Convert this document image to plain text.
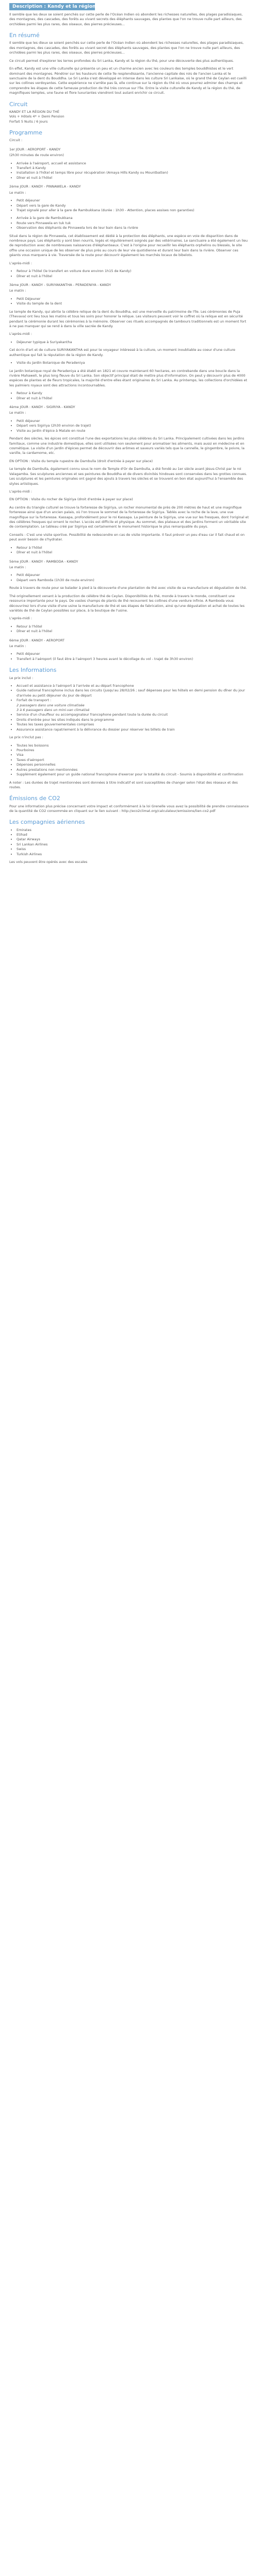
Description : Kandy et la région du thé

Il semble que les deux se soient penchés sur cette perle de l'Océan Indien où abondent les richesses naturelles, des plages paradisiaques, des montagnes, des cascades, des forêts au vivant secrets des éléphants sauvages, des plantes que l'on ne trouve nulle part ailleurs, des orchidées parmi les plus rares, des oiseaux, des pierres précieuses...

En résumé

Il semble que les dieux se soient penchés sur cette perle de l'Océan Indien où abondent les richesses naturelles, des plages paradisiaques, des montagnes, des cascades, des forêts au vivant secret des éléphants sauvages, des plantes que l'on ne trouve nulle part ailleurs, des orchidées parmi les plus rares, des oiseaux, des pierres précieuses...

Ce circuit permet d'explorer les terres profondes du Sri Lanka, Kandy et la région du thé, pour une découverte des plus authentiques.

En effet, Kandy est une ville culturelle qui présente un peu et un charme ancien avec les couleurs des temples bouddhistes et le vert dominant des montagnes. Pénétrer sur les hauteurs de cette île resplendissante, l'ancienne capitale des rois de l'ancien Lanka et le sanctuaire de la dent du Bouddha. Le Sri Lanka s'est développé en intense dans les culture Sri Lankaise, où le grand thé de Ceylan est cueilli sur les collines verdoyantes. Cette expérience ne s'arrête pas là, elle continue sur la région du thé où vous pourrez admirer des champs et comprendre les étapes de cette fameuse production de thé très connue sur l'île. Entre la visite culturelle de Kandy et la région du thé, de magnifiques temples, une faune et flore luxuriantes viendront tout autant enrichir ce circuit.

Circuit

KANDY ET LA RÉGION DU THÉ

Vols + Hôtels 4* + Demi Pension

Forfait 5 Nuits / 6 Jours

Programme

Circuit :

1er JOUR : AEROPORT - KANDY

(2h30 minutes de route environ)

• Arrivée à l'aéroport, accueil et assistance
• Transfert à Kandy
• Installation à l'hôtel et temps libre pour récupération (Amaya Hills Kandy ou Mountbatten)
• Dîner et nuit à l'hôtel

2ème JOUR : KANDY - PINNAWELA - KANDY

Le matin :

• Petit déjeuner
• Départ vers la gare de Kandy
• Trajet signalé pour aller à la gare de Rambukkana (durée : 1h30 - Attention, places assises non garanties)
• Arrivée à la gare de Rambukkana
• Route vers Pinnawela en tuk tuk
• Observation des éléphants de Pinnawela lors de leur bain dans la rivière

Situé dans la région de Pinnawela, cet établissement est dédié à la protection des éléphants, une espèce en voie de disparition dans de nombreux pays. Les éléphants y sont bien nourris, logés et régulièrement soignés par des vétérinaires. Le sanctuaire a été également un lieu de reproduction avec de nombreuses naissances d'éléphanteaux. C'est à l'origine pour recueillir les éléphants orphelins ou blessés, le site offre une occasion unique de les observer de plus près au cours de leur vie quotidienne et durant leur bain dans la rivière. Observer ces géants vous marquera à vie. Traversée de la route pour découvrir également les marchés locaux de bibelots.

L'après-midi :

• Retour à l'hôtel (le transfert en voiture dure environ 1h15 de Kandy)
• Dîner et nuit à l'hôtel

3ème JOUR : KANDY - SURIYAKANTHA - PERADENIYA - KANDY

Le matin :

• Petit Déjeuner
• Visite du temple de la dent

Le temple de Kandy, qui abrite la célèbre relique de la dent du Bouddha, est une merveille du patrimoine de l'île. Les cérémonies de Puja (Thevava) ont lieu tous les matins et tous les soirs pour honorer la relique. Les visiteurs peuvent voir le coffret où la relique est en sécurité pendant la cérémonie durant les cérémonies à la mémoire. Observer ces rituels accompagnés de tambours traditionnels est un moment fort à ne pas manquer qui se rend à dans la ville sacrée de Kandy.

L'après-midi :

• Déjeuner typique à Suriyakantha

Cet écrin d'art et de culture SURIYAKANTHA est pour te voyageur intéressé à la culture, un moment inoubliable au coeur d'une culture authentique qui fait la réputation de la région de Kandy.

• Visite du Jardin Botanique de Peradeniya

Le jardin botanique royal de Peradeniya a été établi en 1821 et couvre maintenant 60 hectares, en contrebande dans une boucle dans la rivière Mahaweli, le plus long fleuve du Sri Lanka. Son objectif principal était de mettre plus d'information. On peut y découvrir plus de 4000 espèces de plantes et de fleurs tropicales, la majorité d'entre elles étant originaires du Sri Lanka. Au printemps, les collections d'orchidées et les palmiers royaux sont des attractions incontournables.

• Retour à Kandy
• Dîner et nuit à l'hôtel

4ème JOUR : KANDY - SIGIRIYA - KANDY

Le matin :

• Petit déjeuner
• Départ vers Sigiriya (2h30 environ de trajet)
• Visite au jardin d'épice à Matale en route

Pendant des siècles, les épices ont constitué l'une des exportations les plus célèbres du Sri Lanka. Principalement cultivées dans les jardins familiaux, comme une industrie domestique, elles sont utilisées non seulement pour aromatiser les aliments, mais aussi en médecine et en cosmétique. La visite d'un jardin d'épices permet de découvrir des arômes et saveurs variés tels que la cannelle, le gingembre, le poivre, la vanille, la cardamome, etc.

EN OPTION : Visite du temple rupestre de Dambulla (droit d'entrée à payer sur place)

Le temple de Dambulla, également connu sous le nom de Temple d'Or de Dambulla, a été fondé au 1er siècle avant Jésus-Christ par le roi Valagamba. Ses sculptures anciennes et ses peintures de Bouddha et de divers divinités hindoues sont conservées dans les grottes connues. Les sculptures et les peintures originales ont gagné des ajouts à travers les siècles et se trouvent en bon état aujourd'hui à l'ensemble des styles artistiques.

L'après-midi :

EN OPTION : Visite du rocher de Sigiriya (droit d'entrée à payer sur place)

Au centre du triangle culturel se trouve la forteresse de Sigiriya, un rocher monumental de près de 200 mètres de haut et une magnifique forteresse ainsi que d'un ancien palais, où l'on trouve le sommet de la forteresse de Sigiriya. Tablés avec la roche de la lave, une vue magnifique sur la forteresse. Kassapa, profondément pour le roi Kassapa. La peinture de la Sigiriya, une vue sur les fresques, dont l'original et des célèbres fresques qui ornent le rocher. L'accès est difficile et physique. Au sommet, des plateaux et des jardins forment un véritable site de contemplation. Le tableau créé par Sigiriya est certainement le monument historique le plus remarquable du pays.

Conseils : C'est une visite sportive. Possibilité de redescendre en cas de visite importante. Il faut prévoir un peu d'eau car il fait chaud et on peut avoir besoin de s'hydrater.

• Retour à l'hôtel
• Dîner et nuit à l'hôtel

5ème JOUR : KANDY - RAMBODA - KANDY

Le matin :

• Petit déjeuner
• Départ vers Ramboda (1h30 de route environ)

Route à travers de route pour se balader à pied à la découverte d'une plantation de thé avec visite de sa manufacture et dégustation de thé.

Thé originellement venant à la production de célèbre thé de Ceylan. Disponibilités du thé, monde à travers le monde, constituent une ressource importante pour le pays. De vastes champs de plants de thé recouvrent les collines d'une verdure infinie. A Ramboda vous découvrirez lors d'une visite d'une usine la manufacture de thé et ses étapes de fabrication, ainsi qu'une dégustation et achat de toutes les variétés de thé de Ceylan possibles sur place, à la boutique de l'usine.

L'après-midi :

• Retour à l'hôtel
• Dîner et nuit à l'hôtel

6ème JOUR : KANDY - AEROPORT

Le matin :

• Petit déjeuner
• Transfert à l'aéroport (il faut être à l'aéroport 3 heures avant le décollage du vol - trajet de 3h30 environ)
Les Informations

Le prix inclut :

• Accueil et assistance à l'aéroport à l'arrivée et au départ francophone
• Guide national francophone inclus dans les circuits (jusqu'au 28/02/26 ; sauf dépenses pour les hôtels en demi pension du dîner du jour d'arrivée au petit déjeuner du jour de départ
• Forfait de transport :
2 passagers dans une voiture climatisée
3 à 6 passagers dans un mini-van climatisé
• Service d'un chauffeur ou accompagnateur francophone pendant toute la durée du circuit
• Droits d'entrée pour les sites indiqués dans le programme
• Toutes les taxes gouvernementales comprises
• Assurance assistance rapatriement à la délivrance du dossier pour réserver les billets de train

Le prix n'inclut pas :

• Toutes les boissons
• Pourboires
• Visa
• Taxes d'aéroport
• Dépenses personnelles
• Autres prestations non mentionnées
• Supplément également pour un guide national francophone d'exercer pour la totalité du circuit - Soumis à disponibilité et confirmation

A noter : Les durées de trajet mentionnées sont données à titre indicatif et sont susceptibles de changer selon l'état des réseaux et des routes.

Émissions de CO2

Pour une information plus précise concernant votre impact et conformément à la loi Grenelle vous avez la possibilité de prendre connaissance de la quantité de CO2 consommée en cliquant sur le lien suivant : http://eco2climat.org/calculateur/emissions/lien-co2.pdf

Les compagnies aériennes
• Emirates
• Etihad
• Qatar Airways
• Sri Lankan Airlines
• Swiss
• Turkish Airlines

Les vols peuvent être opérés avec des escales
